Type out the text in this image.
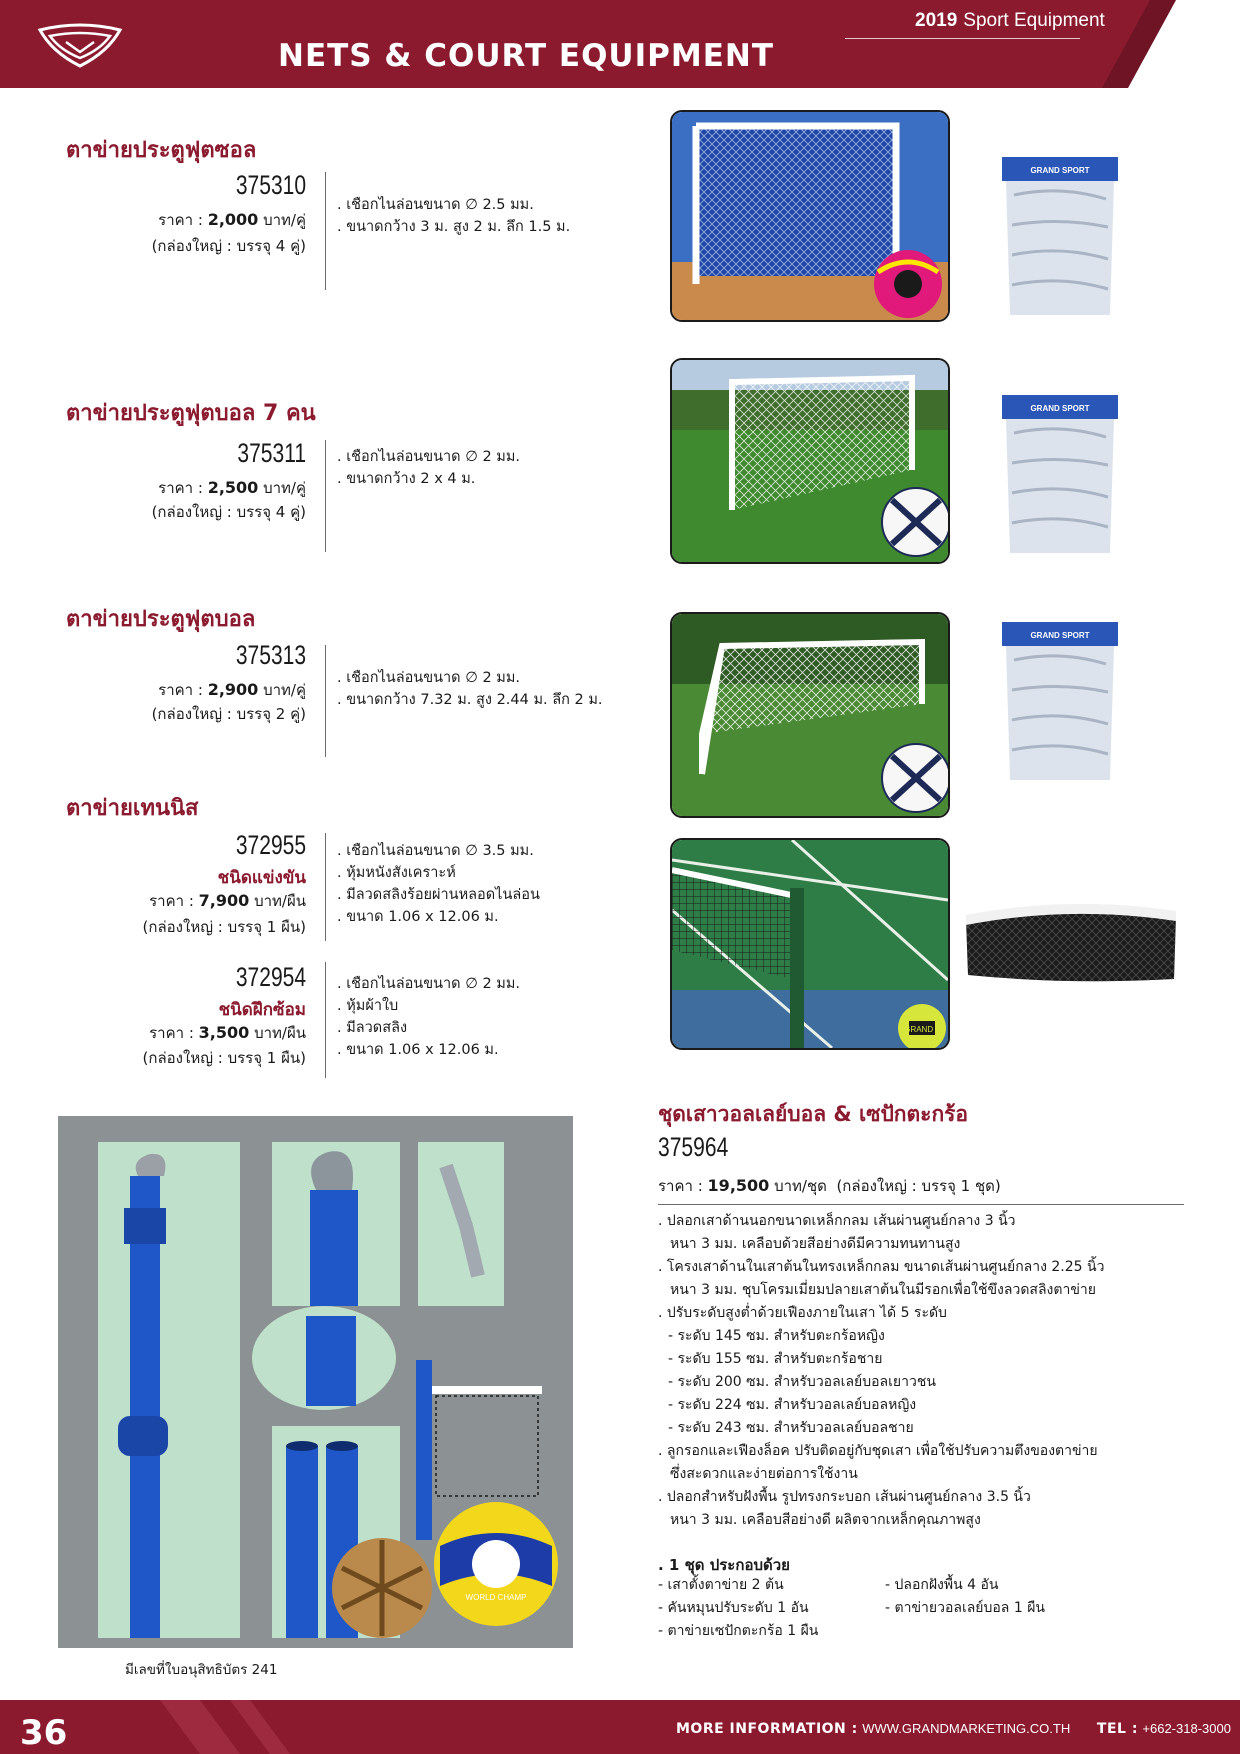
2019 Sport Equipment
NETS & COURT EQUIPMENT
ตาข่ายประตูฟุตซอล
375310
ราคา : 2,000 บาท/คู่
(กล่องใหญ่ : บรรจุ 4 คู่)
. เชือกไนล่อนขนาด ∅ 2.5 มม.
. ขนาดกว้าง 3 ม. สูง 2 ม. ลึก 1.5 ม.
GRAND SPORT
ตาข่ายประตูฟุตบอล 7 คน
375311
ราคา : 2,500 บาท/คู่
(กล่องใหญ่ : บรรจุ 4 คู่)
. เชือกไนล่อนขนาด ∅ 2 มม.
. ขนาดกว้าง 2 x 4 ม.
GRAND SPORT
ตาข่ายประตูฟุตบอล
375313
ราคา : 2,900 บาท/คู่
(กล่องใหญ่ : บรรจุ 2 คู่)
. เชือกไนล่อนขนาด ∅ 2 มม.
. ขนาดกว้าง 7.32 ม. สูง 2.44 ม. ลึก 2 ม.
GRAND SPORT
ตาข่ายเทนนิส
372955
ชนิดแข่งขัน
ราคา : 7,900 บาท/ผืน
(กล่องใหญ่ : บรรจุ 1 ผืน)
. เชือกไนล่อนขนาด ∅ 3.5 มม.
. หุ้มหนังสังเคราะห์
. มีลวดสลิงร้อยผ่านหลอดไนล่อน
. ขนาด 1.06 x 12.06 ม.
372954
ชนิดฝึกซ้อม
ราคา : 3,500 บาท/ผืน
(กล่องใหญ่ : บรรจุ 1 ผืน)
. เชือกไนล่อนขนาด ∅ 2 มม.
. หุ้มผ้าใบ
. มีลวดสลิง
. ขนาด 1.06 x 12.06 ม.
GRAND 5
WORLD CHAMP
มีเลขที่ใบอนุสิทธิบัตร 241
ชุดเสาวอลเลย์บอล & เซปักตะกร้อ
375964
ราคา : 19,500 บาท/ชุด (กล่องใหญ่ : บรรจุ 1 ชุด)
. ปลอกเสาด้านนอกขนาดเหล็กกลม เส้นผ่านศูนย์กลาง 3 นิ้ว
หนา 3 มม. เคลือบด้วยสีอย่างดีมีความทนทานสูง
. โครงเสาด้านในเสาต้นในทรงเหล็กกลม ขนาดเส้นผ่านศูนย์กลาง 2.25 นิ้ว
หนา 3 มม. ชุบโครมเมี่ยมปลายเสาต้นในมีรอกเพื่อใช้ขึงลวดสลิงตาข่าย
. ปรับระดับสูงต่ำด้วยเฟืองภายในเสา ได้ 5 ระดับ
- ระดับ 145 ซม. สำหรับตะกร้อหญิง
- ระดับ 155 ซม. สำหรับตะกร้อชาย
- ระดับ 200 ซม. สำหรับวอลเลย์บอลเยาวชน
- ระดับ 224 ซม. สำหรับวอลเลย์บอลหญิง
- ระดับ 243 ซม. สำหรับวอลเลย์บอลชาย
. ลูกรอกและเฟืองล็อค ปรับติดอยู่กับชุดเสา เพื่อใช้ปรับความตึงของตาข่าย
ซึ่งสะดวกและง่ายต่อการใช้งาน
. ปลอกสำหรับฝังพื้น รูปทรงกระบอก เส้นผ่านศูนย์กลาง 3.5 นิ้ว
หนา 3 มม. เคลือบสีอย่างดี ผลิตจากเหล็กคุณภาพสูง
. 1 ชุด ประกอบด้วย
- เสาตั้งตาข่าย 2 ต้น
- คันหมุนปรับระดับ 1 อัน
- ตาข่ายเซปักตะกร้อ 1 ผืน
- ปลอกฝังพื้น 4 อัน
- ตาข่ายวอลเลย์บอล 1 ผืน
36	MORE INFORMATION : WWW.GRANDMARKETING.CO.TH TEL : +662-318-3000
